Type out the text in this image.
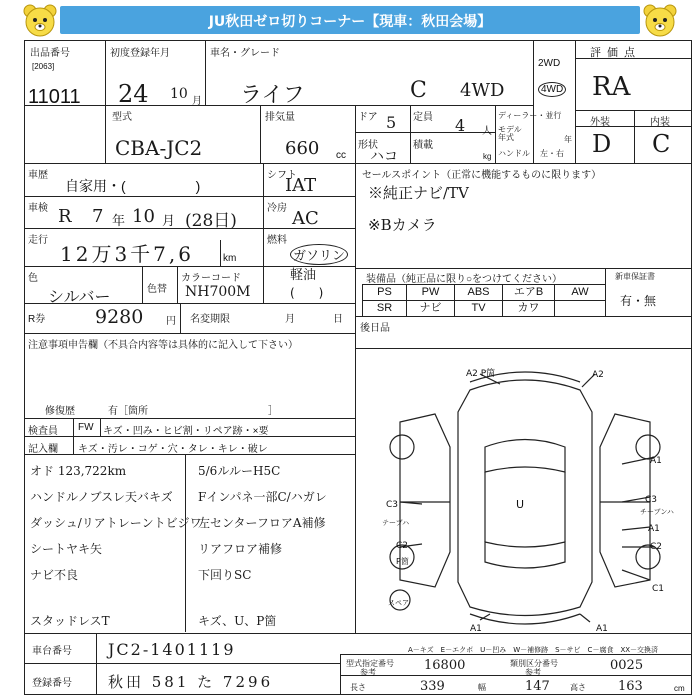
JU秋田ゼロ切りコーナー【現車：秋田会場】
出品番号
[2063]
11011
初度登録年月
24 10 月
車名・グレード
ライフ	C 4WD
2WD
4WD
評価点
RA
外装	内装
D C
型式
CBA-JC2
排気量
660 cc
ドア 5 定員 4 人
形状
ハコ
積載
kg
ディーラー・並行
モデル
年式	年
ハンドル 左・右
車歴
自家用・(　　　　　)
シフト
IAT
車検 R 7 年 10 月 (28日)
冷房 AC
走行
12万3千7,6	km
燃料
ガソリン
軽油
(　　)
色
シルバー	色替
カラーコード
NH700M
R券	9280 円 名変期限	月	日
セールスポイント（正常に機能するものに限ります）
※純正ナビ/TV
※Bカメラ
装備品（純正品に限り○をつけてください）	新車保証書
有・無
PS	PW	ABS	エアB	AW
SR	ナビ	TV	カワ
後日品
注意事項申告欄（不具合内容等は具体的に記入して下さい）
修復歴	有［箇所　　　　　　　　　　　　］
検査員 FW キズ・凹み・ヒビ割・リペア跡・×要
記入欄 キズ・汚レ・コゲ・穴・タレ・キレ・破レ
オド 123,722km
ハンドルノブスレ天バキズ
ダッシュ/リアトレーントビジワ
シートヤキ矢
ナビ不良
スタッドレスT
5/6ルルーH5C
Fインパネ一部C/ハガレ
左センターフロアA補修
リアフロア補修
下回りSC
キズ、U、P箇
A2 P箇	A2
A1
C3
チーブンハ
A1
C2
C3
テーブハ
C2
P箇
C1
スペア
A1	A1
U
A－キズ　E－エクボ　U－凹み　W－補修跡　S－サビ　C－腐食　XX－交換済
車台番号 JC2-1401119
登録番号 秋田 581 た 7296
型式指定番号
参考	16800	類別区分番号
参考	0025
長さ	339	幅	147	高さ 163	cm
